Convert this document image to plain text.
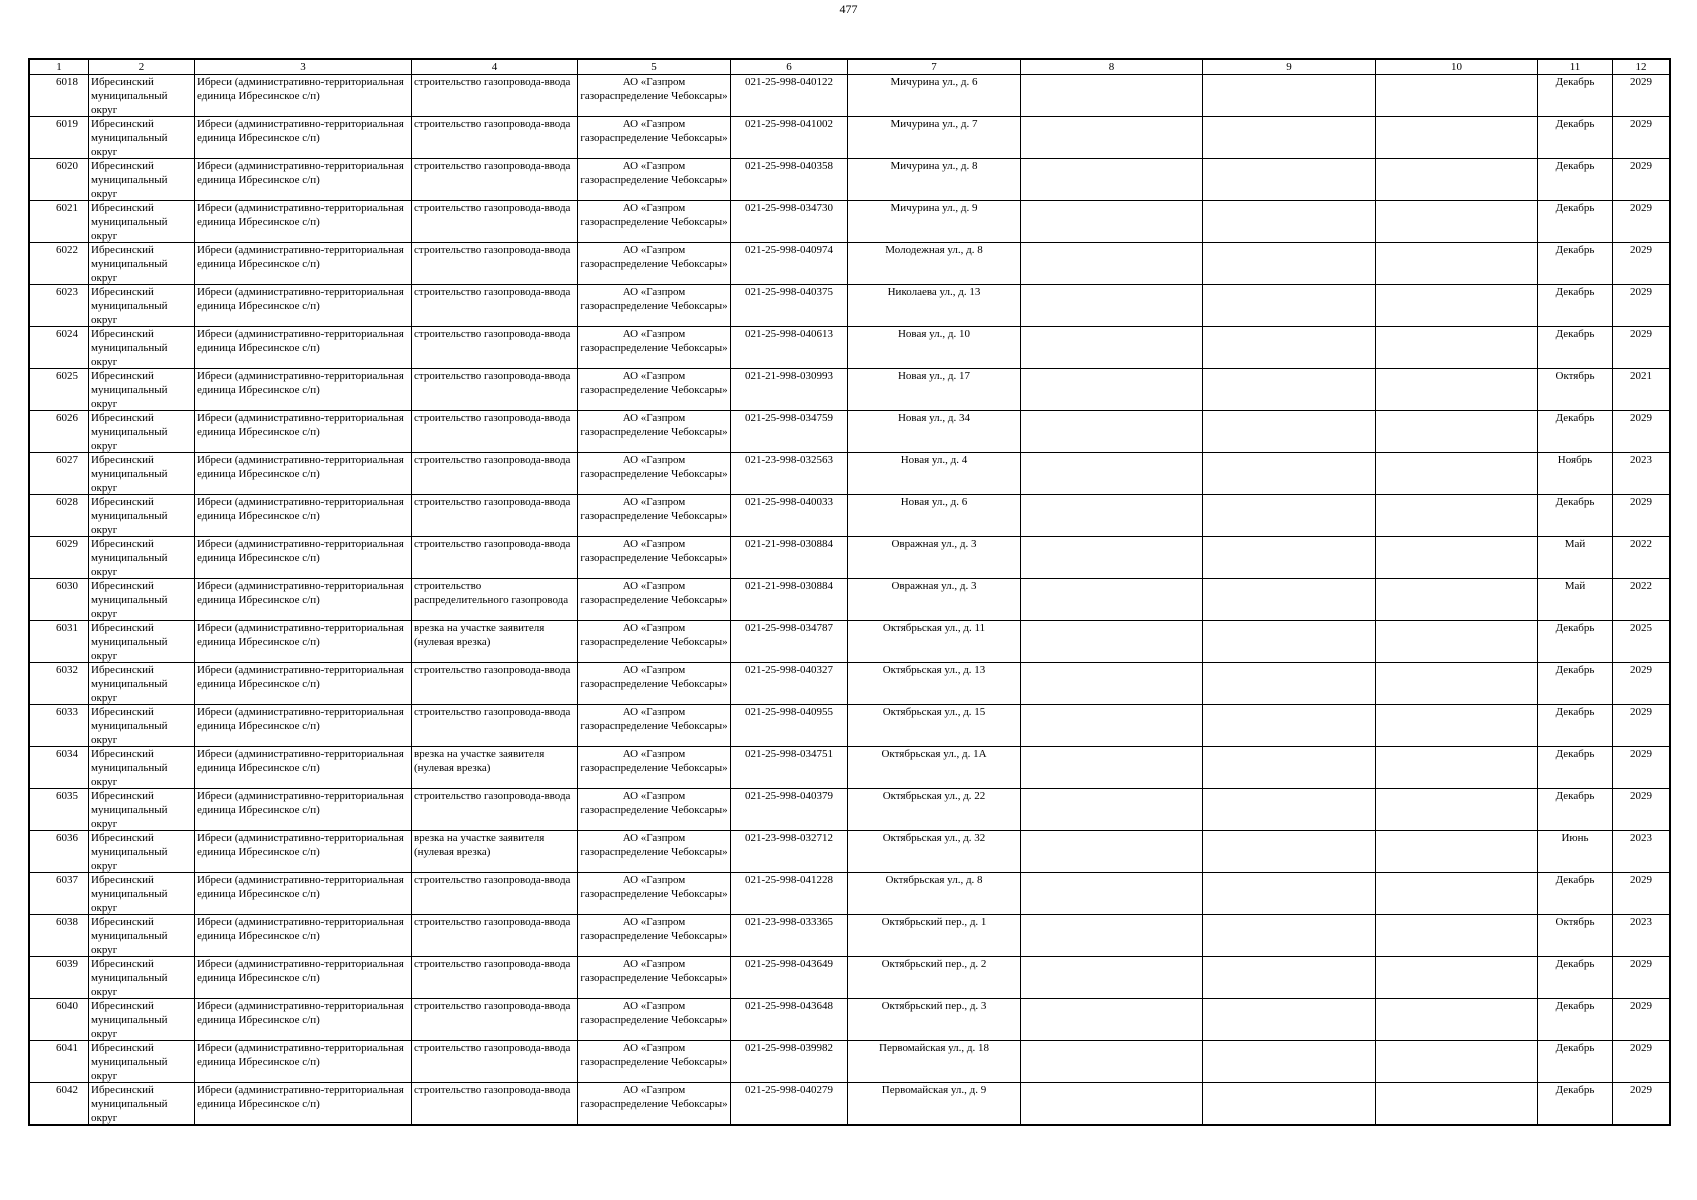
477
1	2	3	4	5	6	7	8	9	10	11	12

6018	Ибресинский муниципальный округ	Ибреси (административно-территориальная единица Ибресинское с/п)	строительство газопровода-ввода	АО «Газпром газораспределение Чебоксары»	021-25-998-040122	Мичурина ул., д. 6				Декабрь	2029

6019	Ибресинский муниципальный округ	Ибреси (административно-территориальная единица Ибресинское с/п)	строительство газопровода-ввода	АО «Газпром газораспределение Чебоксары»	021-25-998-041002	Мичурина ул., д. 7				Декабрь	2029

6020	Ибресинский муниципальный округ	Ибреси (административно-территориальная единица Ибресинское с/п)	строительство газопровода-ввода	АО «Газпром газораспределение Чебоксары»	021-25-998-040358	Мичурина ул., д. 8				Декабрь	2029

6021	Ибресинский муниципальный округ	Ибреси (административно-территориальная единица Ибресинское с/п)	строительство газопровода-ввода	АО «Газпром газораспределение Чебоксары»	021-25-998-034730	Мичурина ул., д. 9				Декабрь	2029

6022	Ибресинский муниципальный округ	Ибреси (административно-территориальная единица Ибресинское с/п)	строительство газопровода-ввода	АО «Газпром газораспределение Чебоксары»	021-25-998-040974	Молодежная ул., д. 8				Декабрь	2029

6023	Ибресинский муниципальный округ	Ибреси (административно-территориальная единица Ибресинское с/п)	строительство газопровода-ввода	АО «Газпром газораспределение Чебоксары»	021-25-998-040375	Николаева ул., д. 13				Декабрь	2029

6024	Ибресинский муниципальный округ	Ибреси (административно-территориальная единица Ибресинское с/п)	строительство газопровода-ввода	АО «Газпром газораспределение Чебоксары»	021-25-998-040613	Новая ул., д. 10				Декабрь	2029

6025	Ибресинский муниципальный округ	Ибреси (административно-территориальная единица Ибресинское с/п)	строительство газопровода-ввода	АО «Газпром газораспределение Чебоксары»	021-21-998-030993	Новая ул., д. 17				Октябрь	2021

6026	Ибресинский муниципальный округ	Ибреси (административно-территориальная единица Ибресинское с/п)	строительство газопровода-ввода	АО «Газпром газораспределение Чебоксары»	021-25-998-034759	Новая ул., д. 34				Декабрь	2029

6027	Ибресинский муниципальный округ	Ибреси (административно-территориальная единица Ибресинское с/п)	строительство газопровода-ввода	АО «Газпром газораспределение Чебоксары»	021-23-998-032563	Новая ул., д. 4				Ноябрь	2023

6028	Ибресинский муниципальный округ	Ибреси (административно-территориальная единица Ибресинское с/п)	строительство газопровода-ввода	АО «Газпром газораспределение Чебоксары»	021-25-998-040033	Новая ул., д. 6				Декабрь	2029

6029	Ибресинский муниципальный округ	Ибреси (административно-территориальная единица Ибресинское с/п)	строительство газопровода-ввода	АО «Газпром газораспределение Чебоксары»	021-21-998-030884	Овражная ул., д. 3				Май	2022

6030	Ибресинский муниципальный округ	Ибреси (административно-территориальная единица Ибресинское с/п)	строительство распределительного газопровода	АО «Газпром газораспределение Чебоксары»	021-21-998-030884	Овражная ул., д. 3				Май	2022

6031	Ибресинский муниципальный округ	Ибреси (административно-территориальная единица Ибресинское с/п)	врезка на участке заявителя (нулевая врезка)	АО «Газпром газораспределение Чебоксары»	021-25-998-034787	Октябрьская ул., д. 11				Декабрь	2025

6032	Ибресинский муниципальный округ	Ибреси (административно-территориальная единица Ибресинское с/п)	строительство газопровода-ввода	АО «Газпром газораспределение Чебоксары»	021-25-998-040327	Октябрьская ул., д. 13				Декабрь	2029

6033	Ибресинский муниципальный округ	Ибреси (административно-территориальная единица Ибресинское с/п)	строительство газопровода-ввода	АО «Газпром газораспределение Чебоксары»	021-25-998-040955	Октябрьская ул., д. 15				Декабрь	2029

6034	Ибресинский муниципальный округ	Ибреси (административно-территориальная единица Ибресинское с/п)	врезка на участке заявителя (нулевая врезка)	АО «Газпром газораспределение Чебоксары»	021-25-998-034751	Октябрьская ул., д. 1А				Декабрь	2029

6035	Ибресинский муниципальный округ	Ибреси (административно-территориальная единица Ибресинское с/п)	строительство газопровода-ввода	АО «Газпром газораспределение Чебоксары»	021-25-998-040379	Октябрьская ул., д. 22				Декабрь	2029

6036	Ибресинский муниципальный округ	Ибреси (административно-территориальная единица Ибресинское с/п)	врезка на участке заявителя (нулевая врезка)	АО «Газпром газораспределение Чебоксары»	021-23-998-032712	Октябрьская ул., д. 32				Июнь	2023

6037	Ибресинский муниципальный округ	Ибреси (административно-территориальная единица Ибресинское с/п)	строительство газопровода-ввода	АО «Газпром газораспределение Чебоксары»	021-25-998-041228	Октябрьская ул., д. 8				Декабрь	2029

6038	Ибресинский муниципальный округ	Ибреси (административно-территориальная единица Ибресинское с/п)	строительство газопровода-ввода	АО «Газпром газораспределение Чебоксары»	021-23-998-033365	Октябрьский пер., д. 1				Октябрь	2023

6039	Ибресинский муниципальный округ	Ибреси (административно-территориальная единица Ибресинское с/п)	строительство газопровода-ввода	АО «Газпром газораспределение Чебоксары»	021-25-998-043649	Октябрьский пер., д. 2				Декабрь	2029

6040	Ибресинский муниципальный округ	Ибреси (административно-территориальная единица Ибресинское с/п)	строительство газопровода-ввода	АО «Газпром газораспределение Чебоксары»	021-25-998-043648	Октябрьский пер., д. 3				Декабрь	2029

6041	Ибресинский муниципальный округ	Ибреси (административно-территориальная единица Ибресинское с/п)	строительство газопровода-ввода	АО «Газпром газораспределение Чебоксары»	021-25-998-039982	Первомайская ул., д. 18				Декабрь	2029

6042	Ибресинский муниципальный округ	Ибреси (административно-территориальная единица Ибресинское с/п)	строительство газопровода-ввода	АО «Газпром газораспределение Чебоксары»	021-25-998-040279	Первомайская ул., д. 9				Декабрь	2029
